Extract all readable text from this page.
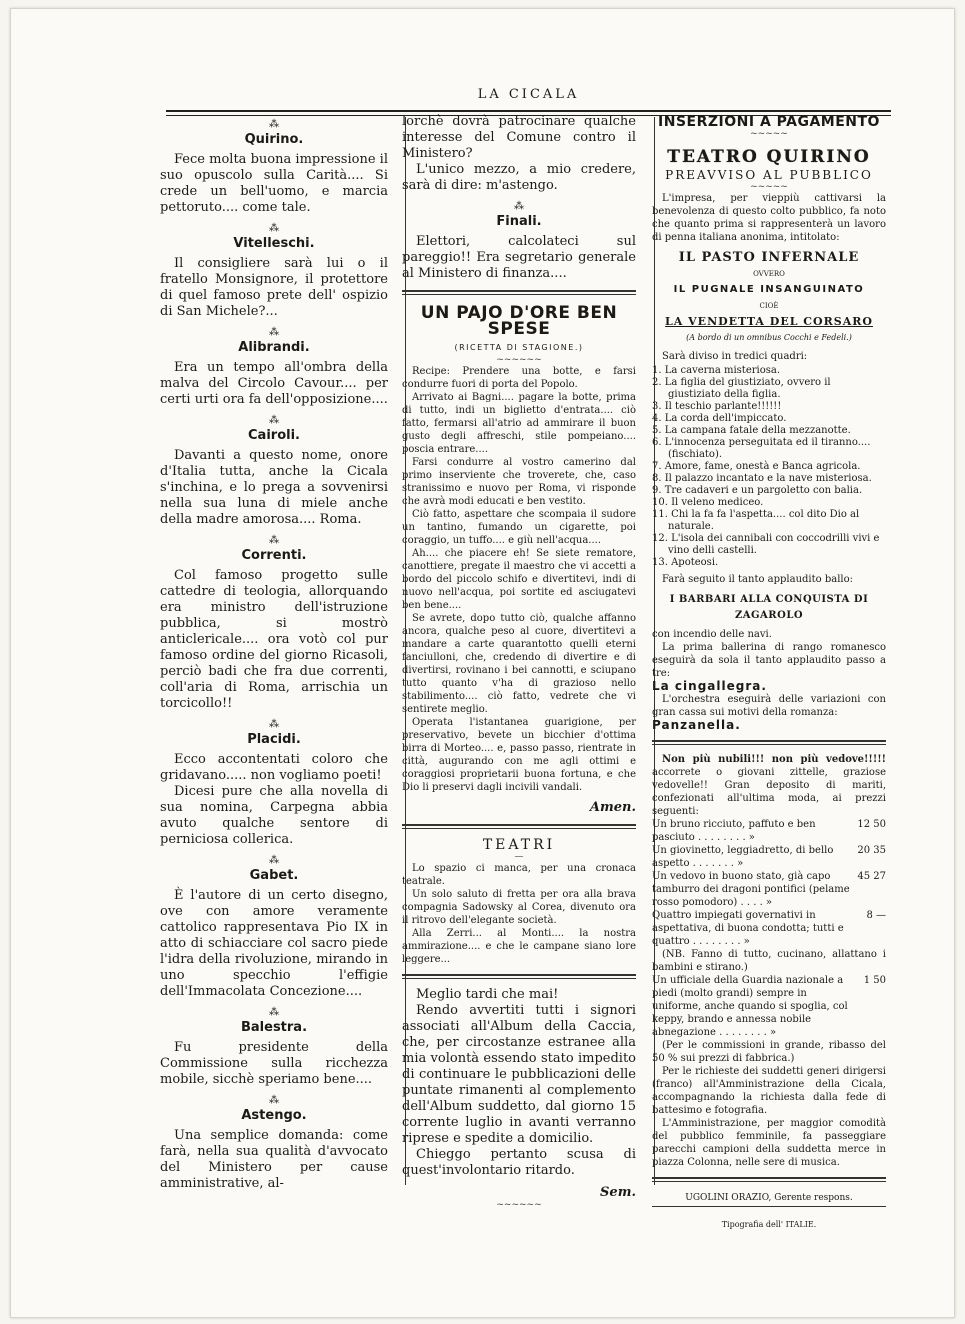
LA CICALA
⁂
Quirino.

Fece molta buona impressione il suo opuscolo sulla Carità.... Si crede un bell'uomo, e marcia pettoruto.... come tale.

⁂
Vitelleschi.

Il consigliere sarà lui o il fratello Monsignore, il protettore di quel famoso prete dell' ospizio di San Michele?...

⁂
Alibrandi.

Era un tempo all'ombra della malva del Circolo Cavour.... per certi urti ora fa dell'opposizione....

⁂
Cairoli.

Davanti a questo nome, onore d'Italia tutta, anche la Cicala s'inchina, e lo prega a sovvenirsi nella sua luna di miele anche della madre amorosa.... Roma.

⁂
Correnti.

Col famoso progetto sulle cattedre di teologia, allorquando era ministro dell'istruzione pubblica, si mostrò anticlericale.... ora votò col pur famoso ordine del giorno Ricasoli, perciò badi che fra due correnti, coll'aria di Roma, arrischia un torcicollo!!

⁂
Placidi.

Ecco accontentati coloro che gridavano..... non vogliamo poeti!

Dicesi pure che alla novella di sua nomina, Carpegna abbia avuto qualche sentore di perniciosa collerica.

⁂
Gabet.

È l'autore di un certo disegno, ove con amore veramente cattolico rappresentava Pio IX in atto di schiacciare col sacro piede l'idra della rivoluzione, mirando in uno specchio l'effigie dell'Immacolata Concezione....

⁂
Balestra.

Fu presidente della Commissione sulla ricchezza mobile, sicchè speriamo bene....

⁂
Astengo.

Una semplice domanda: come farà, nella sua qualità d'avvocato del Ministero per cause amministrative, al-

lorchè dovrà patrocinare qualche interesse del Comune contro il Ministero?

L'unico mezzo, a mio credere, sarà di dire: m'astengo.

⁂
Finali.

Elettori, calcolateci sul pareggio!! Era segretario generale al Ministero di finanza....

UN PAJO D'ORE BEN SPESE
(RICETTA DI STAGIONE.)
~~~~~~

Recipe: Prendere una botte, e farsi condurre fuori di porta del Popolo.

Arrivato ai Bagni.... pagare la botte, prima di tutto, indi un biglietto d'entrata.... ciò fatto, fermarsi all'atrio ad ammirare il buon gusto degli affreschi, stile pompeiano.... poscia entrare....

Farsi condurre al vostro camerino dal primo inserviente che troverete, che, caso stranissimo e nuovo per Roma, vi risponde che avrà modi educati e ben vestito.

Ciò fatto, aspettare che scompaia il sudore un tantino, fumando un cigarette, poi coraggio, un tuffo.... e giù nell'acqua....

Ah.... che piacere eh! Se siete rematore, canottiere, pregate il maestro che vi accetti a bordo del piccolo schifo e divertitevi, indi di nuovo nell'acqua, poi sortite ed asciugatevi ben bene....

Se avrete, dopo tutto ciò, qualche affanno ancora, qualche peso al cuore, divertitevi a mandare a carte quarantotto quelli eterni fanciulloni, che, credendo di divertire e di divertirsi, rovinano i bei cannotti, e sciupano tutto quanto v'ha di grazioso nello stabilimento.... ciò fatto, vedrete che vi sentirete meglio.

Operata l'istantanea guarigione, per preservativo, bevete un bicchier d'ottima birra di Morteo.... e, passo passo, rientrate in città, augurando con me agli ottimi e coraggiosi proprietarii buona fortuna, e che Dio li preservi dagli incivili vandali.

Amen.
TEATRI
—

Lo spazio ci manca, per una cronaca teatrale.

Un solo saluto di fretta per ora alla brava compagnia Sadowsky al Corea, divenuto ora il ritrovo dell'elegante società.

Alla Zerri... al Monti.... la nostra ammirazione.... e che le campane siano lore leggere...

Meglio tardi che mai!

Rendo avvertiti tutti i signori associati all'Album della Caccia, che, per circostanze estranee alla mia volontà essendo stato impedito di continuare le pubblicazioni delle puntate rimanenti al complemento dell'Album suddetto, dal giorno 15 corrente luglio in avanti verranno riprese e spedite a domicilio.

Chieggo pertanto scusa di quest'involontario ritardo.

Sem.
~~~~~~
INSERZIONI A PAGAMENTO
~~~~~
TEATRO QUIRINO
PREAVVISO AL PUBBLICO
~~~~~

L'impresa, per vieppiù cattivarsi la benevolenza di questo colto pubblico, fa noto che quanto prima si rappresenterà un lavoro di penna italiana anonima, intitolato:

IL PASTO INFERNALE
OVVERO
IL PUGNALE INSANGUINATO
CIOÈ
LA VENDETTA DEL CORSARO
(A bordo di un omnibus Cocchi e Fedeli.)

Sarà diviso in tredici quadri:

1. La caverna misteriosa.
2. La figlia del giustiziato, ovvero il giustiziato della figlia.
3. Il teschio parlante!!!!!!
4. La corda dell'impiccato.
5. La campana fatale della mezzanotte.
6. L'innocenza perseguitata ed il tiranno.... (fischiato).
7. Amore, fame, onestà e Banca agricola.
8. Il palazzo incantato e la nave misteriosa.
9. Tre cadaveri e un pargoletto con balia.
10. Il veleno mediceo.
11. Chi la fa fa l'aspetta.... col dito Dio al naturale.
12. L'isola dei cannibali con coccodrilli vivi e vino delli castelli.
13. Apoteosi.

Farà seguito il tanto applaudito ballo:

I BARBARI ALLA CONQUISTA DI ZAGAROLO

con incendio delle navi.

La prima ballerina di rango romanesco eseguirà da sola il tanto applaudito passo a tre:

La cingallegra.

L'orchestra eseguirà delle variazioni con gran cassa sui motivi della romanza:

Panzanella.

Non più nubili!!! non più vedove!!!!! accorrete o giovani zittelle, graziose vedovelle!! Gran deposito di mariti, confezionati all'ultima moda, ai prezzi seguenti:

Un bruno ricciuto, paffuto e ben pasciuto . . . . . . . . »
12 50
Un giovinetto, leggiadretto, di bello aspetto . . . . . . . »
20 35
Un vedovo in buono stato, già capo tamburro dei dragoni pontifici (pelame rosso pomodoro) . . . . »
45 27
Quattro impiegati governativi in aspettativa, di buona condotta; tutti e quattro . . . . . . . . »
8 —

(NB. Fanno di tutto, cucinano, allattano i bambini e stirano.)

Un ufficiale della Guardia nazionale a piedi (molto grandi) sempre in uniforme, anche quando si spoglia, col keppy, brando e annessa nobile abnegazione . . . . . . . . »
1 50

(Per le commissioni in grande, ribasso del 50 % sui prezzi di fabbrica.)

Per le richieste dei suddetti generi dirigersi (franco) all'Amministrazione della Cicala, accompagnando la richiesta dalla fede di battesimo e fotografia.

L'Amministrazione, per maggior comodità del pubblico femminile, fa passeggiare parecchi campioni della suddetta merce in piazza Colonna, nelle sere di musica.

UGOLINI ORAZIO, Gerente respons.
Tipografia dell' ITALIE.
